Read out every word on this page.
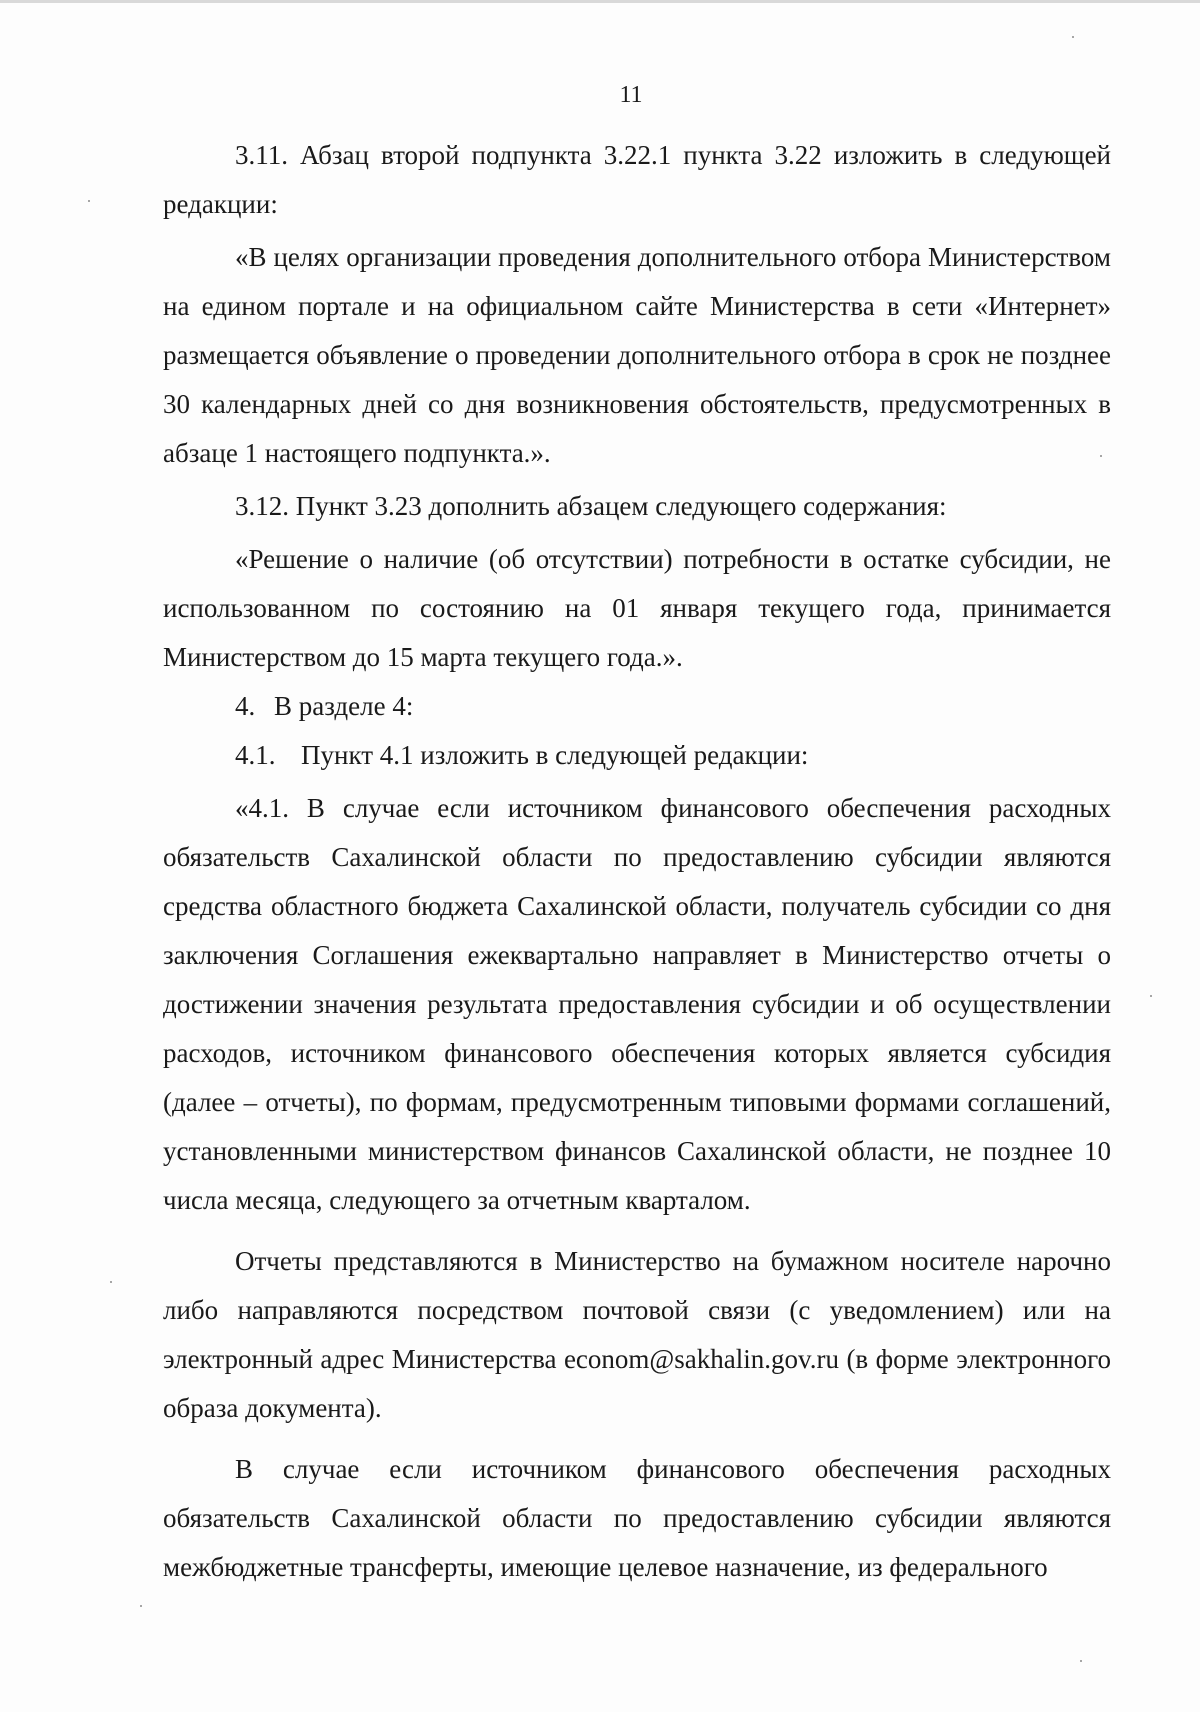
11

3.11. Абзац второй подпункта 3.22.1 пункта 3.22 изложить в следующей редакции:

«В целях организации проведения дополнительного отбора Министерством на едином портале и на официальном сайте Министерства в сети «Интернет» размещается объявление о проведении дополнительного отбора в срок не позднее 30 календарных дней со дня возникновения обстоятельств, предусмотренных в абзаце 1 настоящего подпункта.».

3.12. Пункт 3.23 дополнить абзацем следующего содержания:

«Решение о наличие (об отсутствии) потребности в остатке субсидии, не использованном по состоянию на 01 января текущего года, принимается Министерством до 15 марта текущего года.».

4. В разделе 4:

4.1. Пункт 4.1 изложить в следующей редакции:

«4.1. В случае если источником финансового обеспечения расходных обязательств Сахалинской области по предоставлению субсидии являются средства областного бюджета Сахалинской области, получатель субсидии со дня заключения Соглашения ежеквартально направляет в Министерство отчеты о достижении значения результата предоставления субсидии и об осуществлении расходов, источником финансового обеспечения которых является субсидия (далее – отчеты), по формам, предусмотренным типовыми формами соглашений, установленными министерством финансов Сахалинской области, не позднее 10 числа месяца, следующего за отчетным кварталом.

Отчеты представляются в Министерство на бумажном носителе нарочно либо направляются посредством почтовой связи (с уведомлением) или на электронный адрес Министерства econom@sakhalin.gov.ru (в форме электронного образа документа).

В случае если источником финансового обеспечения расходных обязательств Сахалинской области по предоставлению субсидии являются межбюджетные трансферты, имеющие целевое назначение, из федерального
